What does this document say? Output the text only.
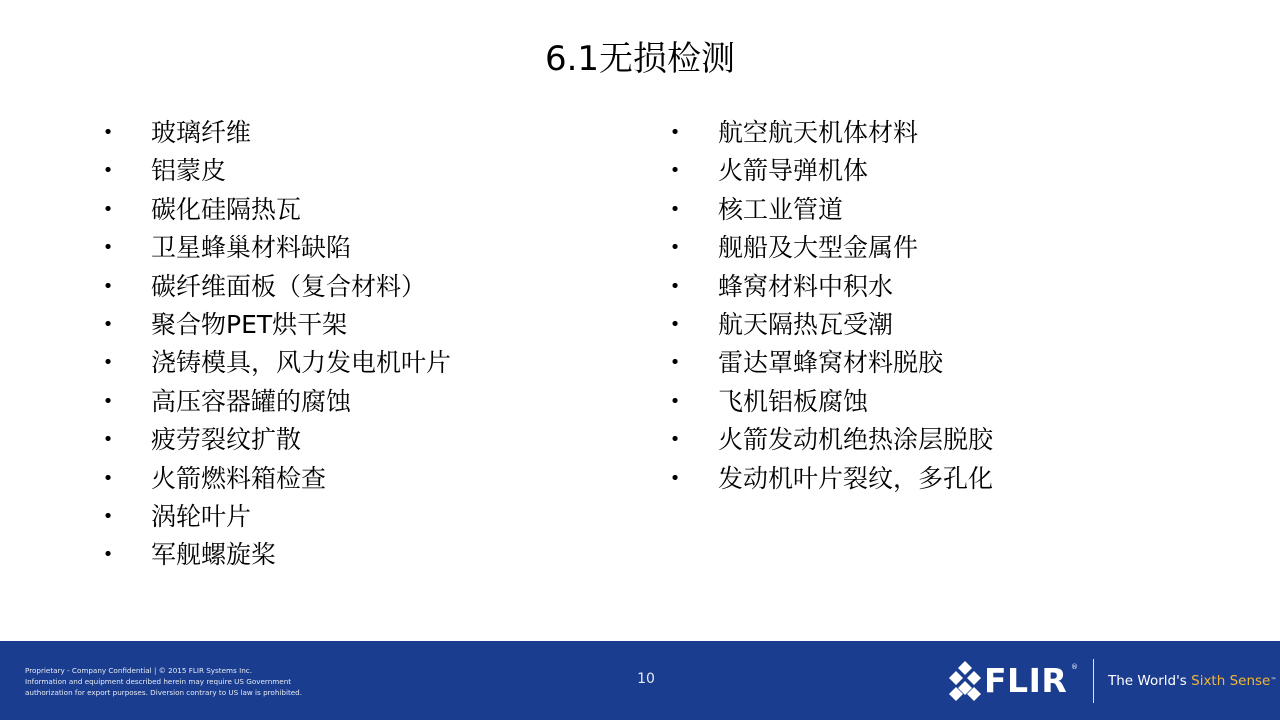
6.1无损检测
• 玻璃纤维
• 铝蒙皮
• 碳化硅隔热瓦
• 卫星蜂巢材料缺陷
• 碳纤维面板（复合材料）
• 聚合物PET烘干架
• 浇铸模具，风力发电机叶片
• 高压容器罐的腐蚀
• 疲劳裂纹扩散
• 火箭燃料箱检查
• 涡轮叶片
• 军舰螺旋桨
• 航空航天机体材料
• 火箭导弹机体
• 核工业管道
• 舰船及大型金属件
• 蜂窝材料中积水
• 航天隔热瓦受潮
• 雷达罩蜂窝材料脱胶
• 飞机铝板腐蚀
• 火箭发动机绝热涂层脱胶
• 发动机叶片裂纹，多孔化
Proprietary - Company Confidential | © 2015 FLIR Systems Inc.
Information and equipment described herein may require US Government
authorization for export purposes. Diversion contrary to US law is prohibited.
10	FLIR ®
The World's Sixth Sense™
